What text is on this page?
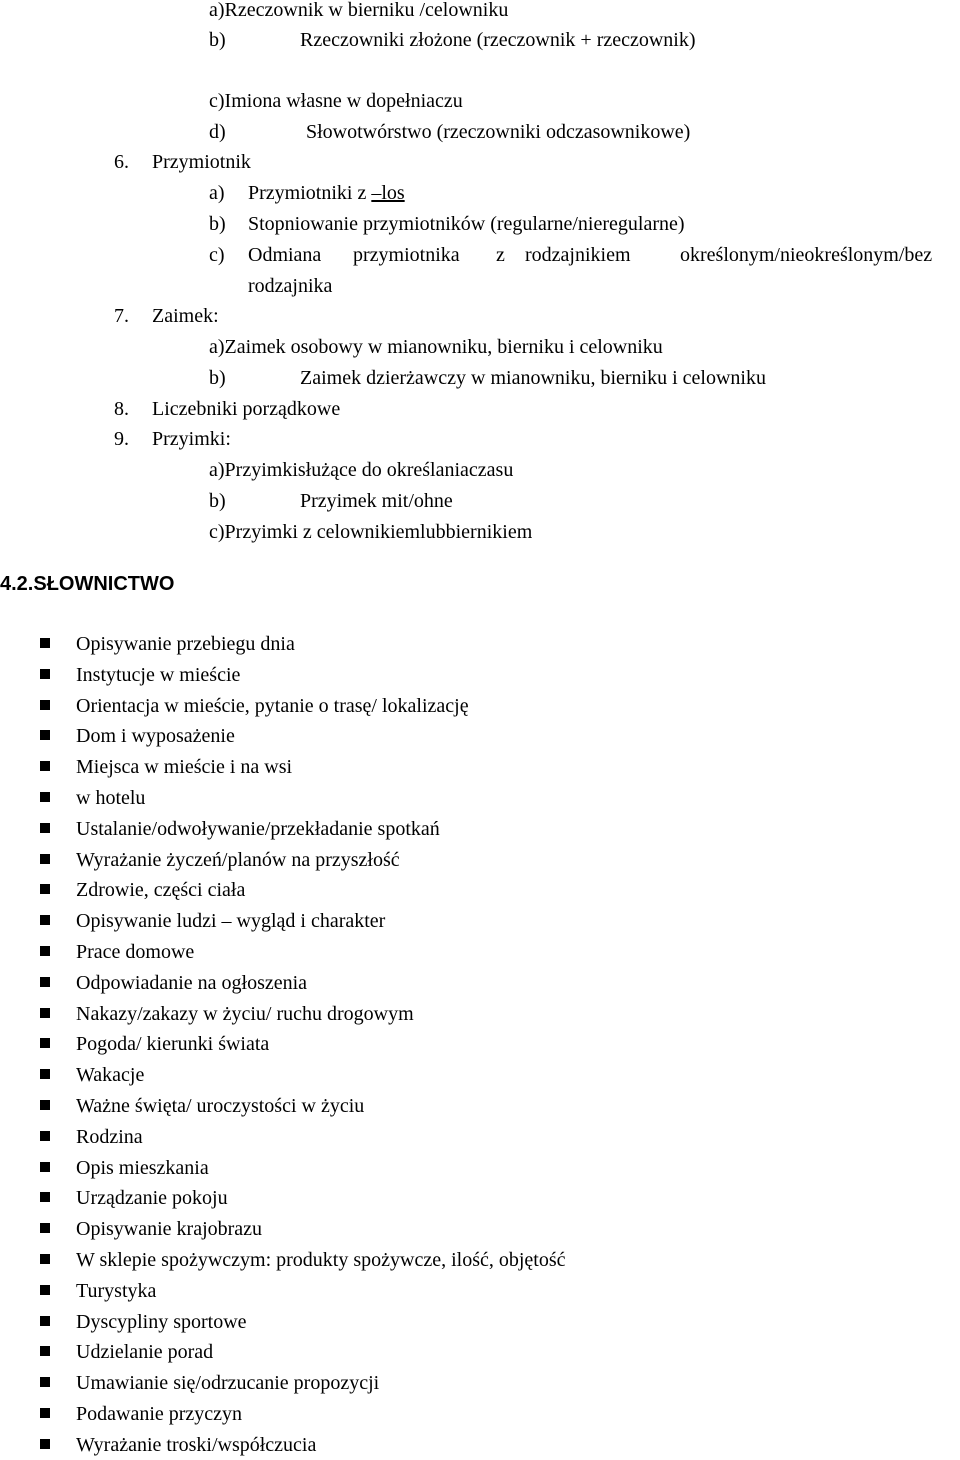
a)Rzeczownik w bierniku /celowniku
b)	Rzeczowniki złożone (rzeczownik + rzeczownik)
c)Imiona własne w dopełniaczu
d)	Słowotwórstwo (rzeczowniki odczasownikowe)
6. Przymiotnik
a) Przymiotniki z –los
b) Stopniowanie przymiotników (regularne/nieregularne)
c) Odmiana przymiotnika z rodzajnikiem określonym/nieokreślonym/bez
rodzajnika
7. Zaimek:
a)Zaimek osobowy w mianowniku, bierniku i celowniku
b)	Zaimek dzierżawczy w mianowniku, bierniku i celowniku
8. Liczebniki porządkowe
9. Przyimki:
a)Przyimkisłużące do określaniaczasu
b)	Przyimek mit/ohne
c)Przyimki z celownikiemlubbiernikiem
4.2.SŁOWNICTWO
Opisywanie przebiegu dnia
Instytucje w mieście
Orientacja w mieście, pytanie o trasę/ lokalizację
Dom i wyposażenie
Miejsca w mieście i na wsi
w hotelu
Ustalanie/odwoływanie/przekładanie spotkań
Wyrażanie życzeń/planów na przyszłość
Zdrowie, części ciała
Opisywanie ludzi – wygląd i charakter
Prace domowe
Odpowiadanie na ogłoszenia
Nakazy/zakazy w życiu/ ruchu drogowym
Pogoda/ kierunki świata
Wakacje
Ważne święta/ uroczystości w życiu
Rodzina
Opis mieszkania
Urządzanie pokoju
Opisywanie krajobrazu
W sklepie spożywczym: produkty spożywcze, ilość, objętość
Turystyka
Dyscypliny sportowe
Udzielanie porad
Umawianie się/odrzucanie propozycji
Podawanie przyczyn
Wyrażanie troski/współczucia
